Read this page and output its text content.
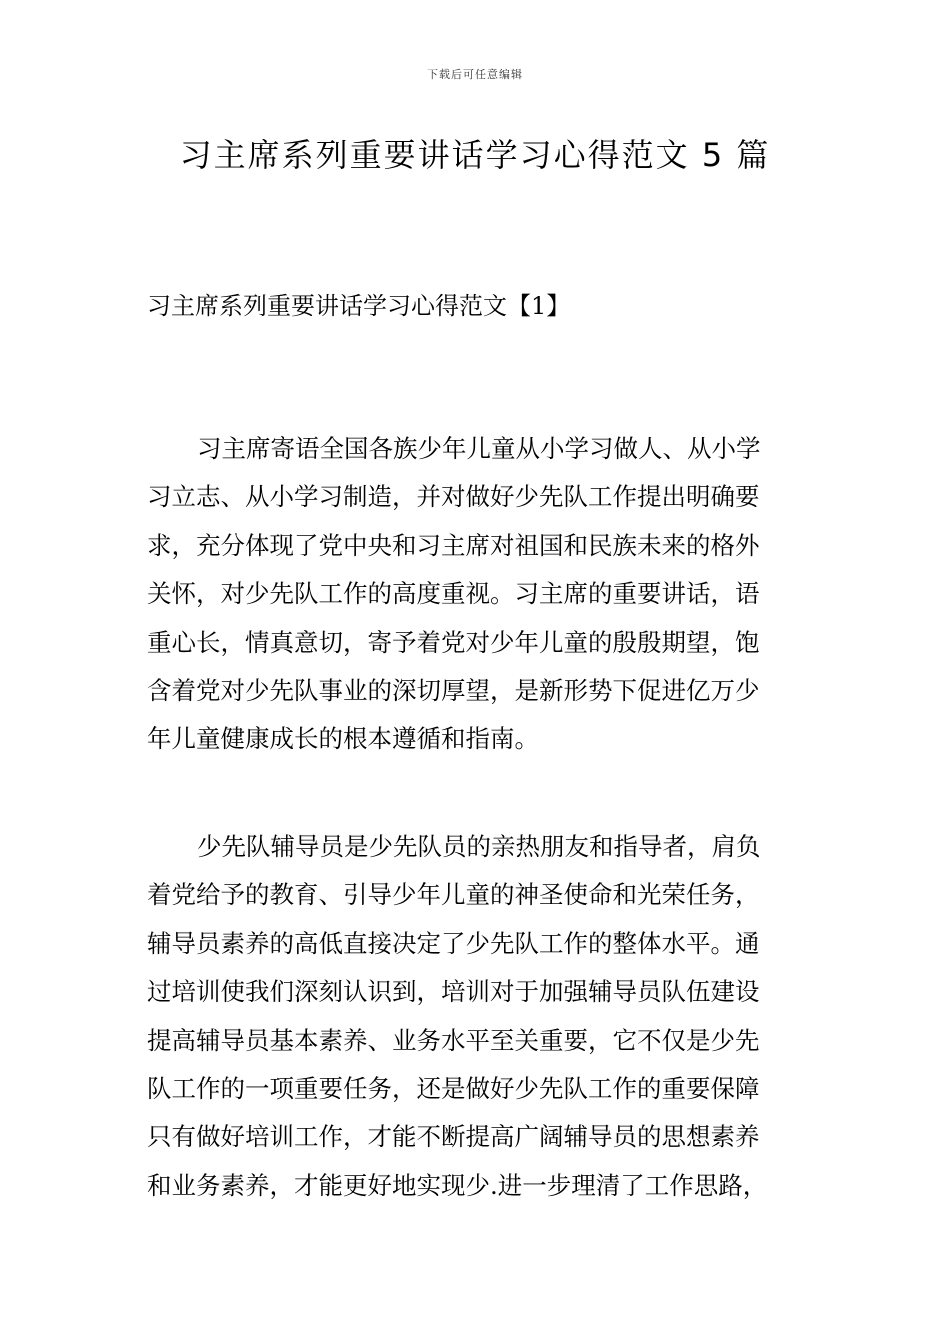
下载后可任意编辑
习主席系列重要讲话学习心得范文 5 篇
习主席系列重要讲话学习心得范文【1】
习主席寄语全国各族少年儿童从小学习做人、从小学
习立志、从小学习制造，并对做好少先队工作提出明确要
求，充分体现了党中央和习主席对祖国和民族未来的格外
关怀，对少先队工作的高度重视。习主席的重要讲话，语
重心长，情真意切，寄予着党对少年儿童的殷殷期望，饱
含着党对少先队事业的深切厚望，是新形势下促进亿万少
年儿童健康成长的根本遵循和指南。
少先队辅导员是少先队员的亲热朋友和指导者，肩负
着党给予的教育、引导少年儿童的神圣使命和光荣任务，
辅导员素养的高低直接决定了少先队工作的整体水平。通
过培训使我们深刻认识到，培训对于加强辅导员队伍建设
提高辅导员基本素养、业务水平至关重要，它不仅是少先
队工作的一项重要任务，还是做好少先队工作的重要保障
只有做好培训工作，才能不断提高广阔辅导员的思想素养
和业务素养，才能更好地实现少.进一步理清了工作思路，
